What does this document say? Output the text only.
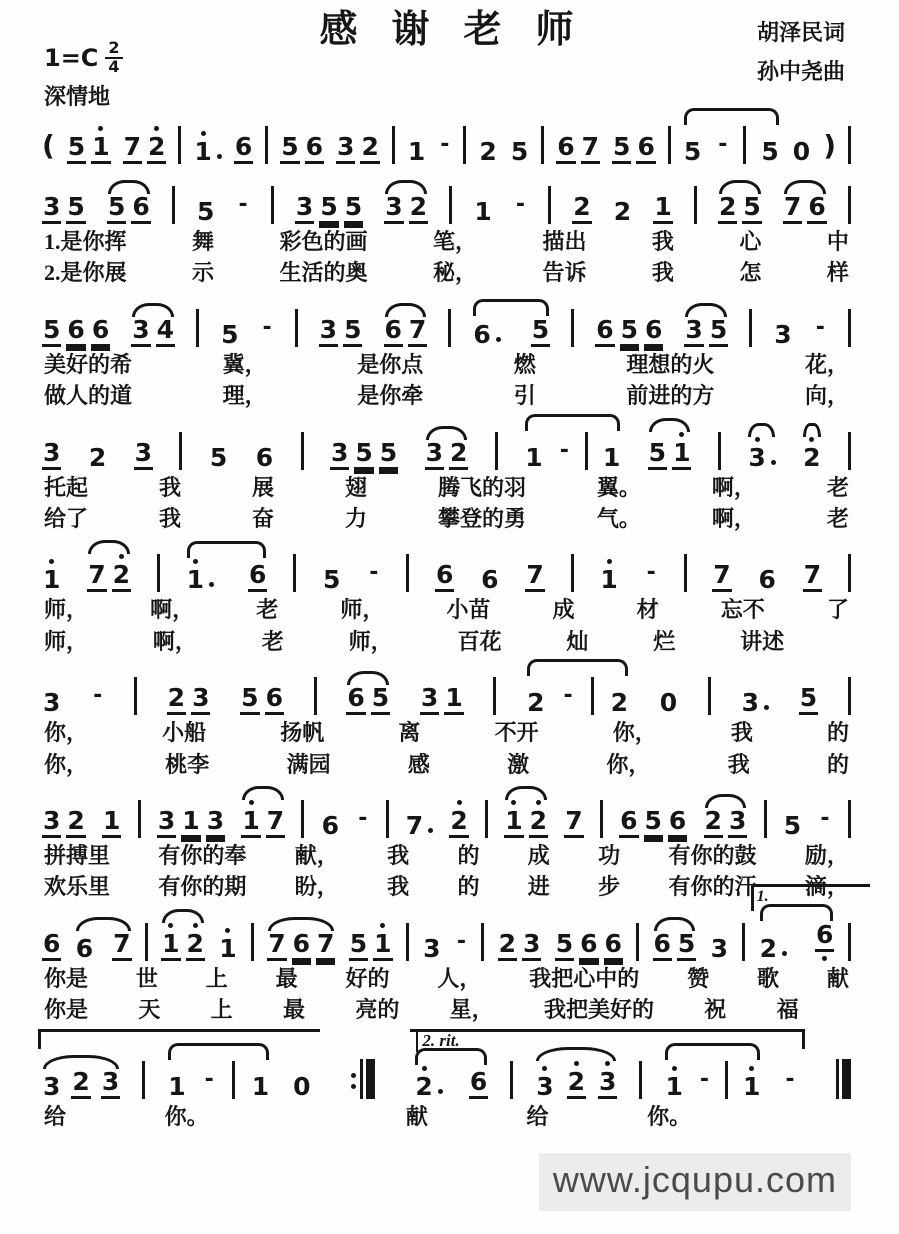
感谢老师	胡泽民词
孙中尧曲
$1=C \frac{2}{4}$
深情地
( 5 1 7 2 1 6 5 6 3 2 1 - 2 5 6 7 5 6 5 - 5 0 )
3 5 5 6 5 - 3 5 5 3 2 1 - 2 2 1 2 5 7 6
1.是你挥	舞	彩色的画	笔，	描出	我	心	中
2.是你展	示	生活的奥	秘，	告诉	我	怎	样
5 6 6 3 4 5 - 3 5 6 7 6 5 6 5 6 3 5 3 -
美好的希	冀，	是你点	燃	理想的火	花，
做人的道	理，	是你牵	引	前进的方	向，
3 2 3 5 6 3 5 5 3 2 1 - 1 5 1 3 2
托起	我	展	翅	腾飞的羽	翼。	啊，	老
给了	我	奋	力	攀登的勇	气。	啊，	老
1 7 2 1 6 5 - 6 6 7 1 - 7 6 7
师，	啊，	老	师，	小苗	成	材	忘不	了
师，	啊，	老	师，	百花	灿	烂	讲述
3 -	2 3 5 6	6 5 3 1	2 - 2 0	3 5
你，	小船	扬帆	离	不开	你，	我	的
你，	桃李	满园	感	激	你，	我	的
3 2 1 3 1 3 1 7 6 - 7 2 1 2 7 6 5 6 2 3 5 -
拼搏里 有你的奉 献， 我 的 成 功 有你的鼓 励，
欢乐里 有你的期 盼， 我 的 进 步 有你的汗 滴，
6 6 7 1 2 1 7 6 7 5 1 3 - 2 3 5 6 6 6 5 3
1.
2 6
你是 世 上 最 好的 人， 我把心中的 赞 歌 献
你是 天 上 最 亮的 星， 我把美好的 祝 福
3 2 3 1 - 1 0
2. rit.
2 6 3 2 3 1 - 1 -
给	你。	献	给	你。
www.jcqupu.com
